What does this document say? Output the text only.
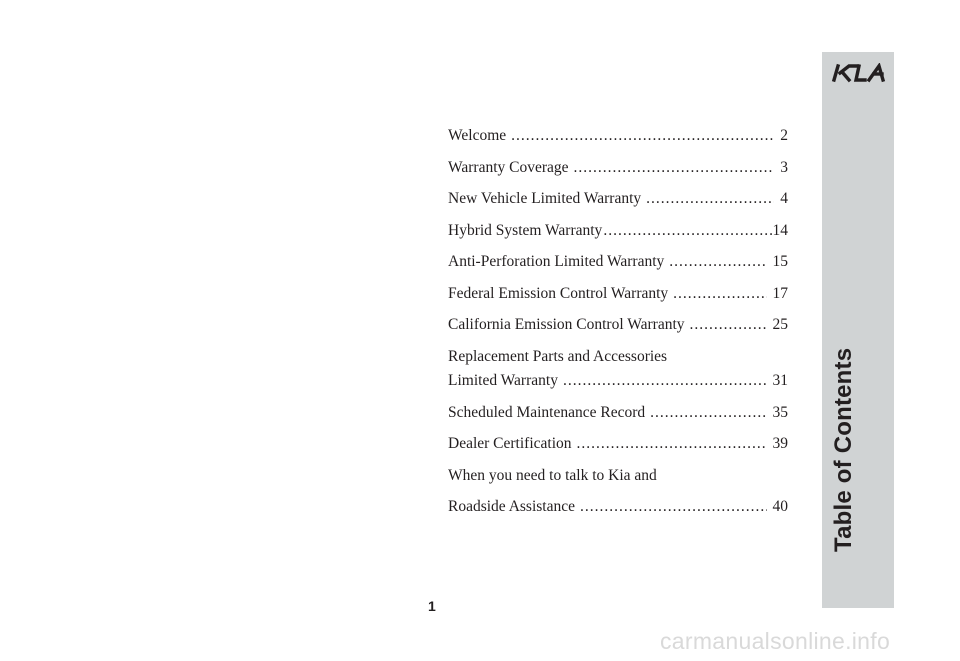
Welcome .....	2
Warranty Coverage .....	3
New Vehicle Limited Warranty .....	4
Hybrid System Warranty .....	14
Anti-Perforation Limited Warranty .....	15
Federal Emission Control Warranty .....	17
California Emission Control Warranty .....	25
Replacement Parts and Accessories
Limited Warranty .....	31
Scheduled Maintenance Record .....	35
Dealer Certification .....	39
When you need to talk to Kia and
Roadside Assistance .....	40 Table of Contents
1
carmanualsonline.info
